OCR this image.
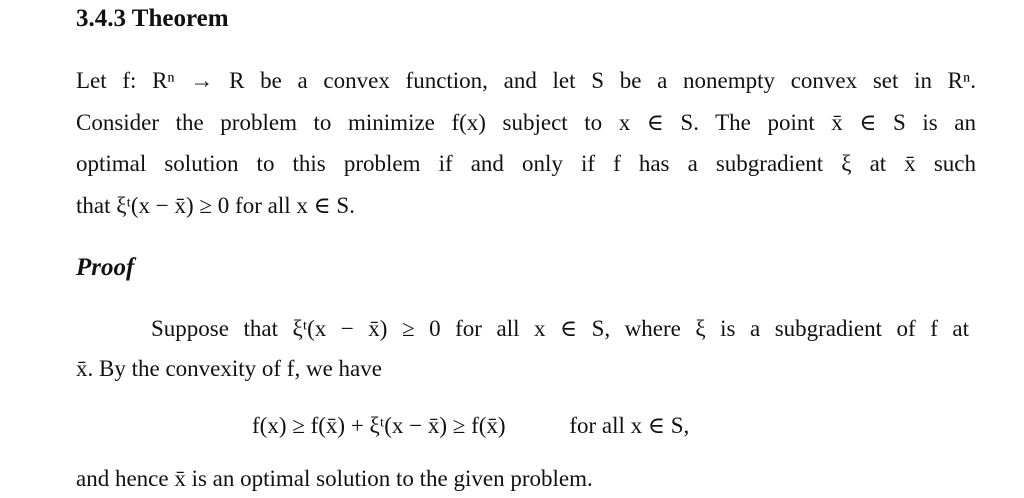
3.4.3 Theorem
Let f: Rⁿ → R be a convex function, and let S be a nonempty convex set in Rⁿ.
Consider the problem to minimize f(x) subject to x ∈ S. The point x̄ ∈ S is an
optimal solution to this problem if and only if f has a subgradient ξ at x̄ such
that ξᵗ(x − x̄) ≥ 0 for all x ∈ S.
Proof
Suppose that ξᵗ(x − x̄) ≥ 0 for all x ∈ S, where ξ is a subgradient of f at
x̄. By the convexity of f, we have
f(x) ≥ f(x̄) + ξᵗ(x − x̄) ≥ f(x̄)	for all x ∈ S,
and hence x̄ is an optimal solution to the given problem.
